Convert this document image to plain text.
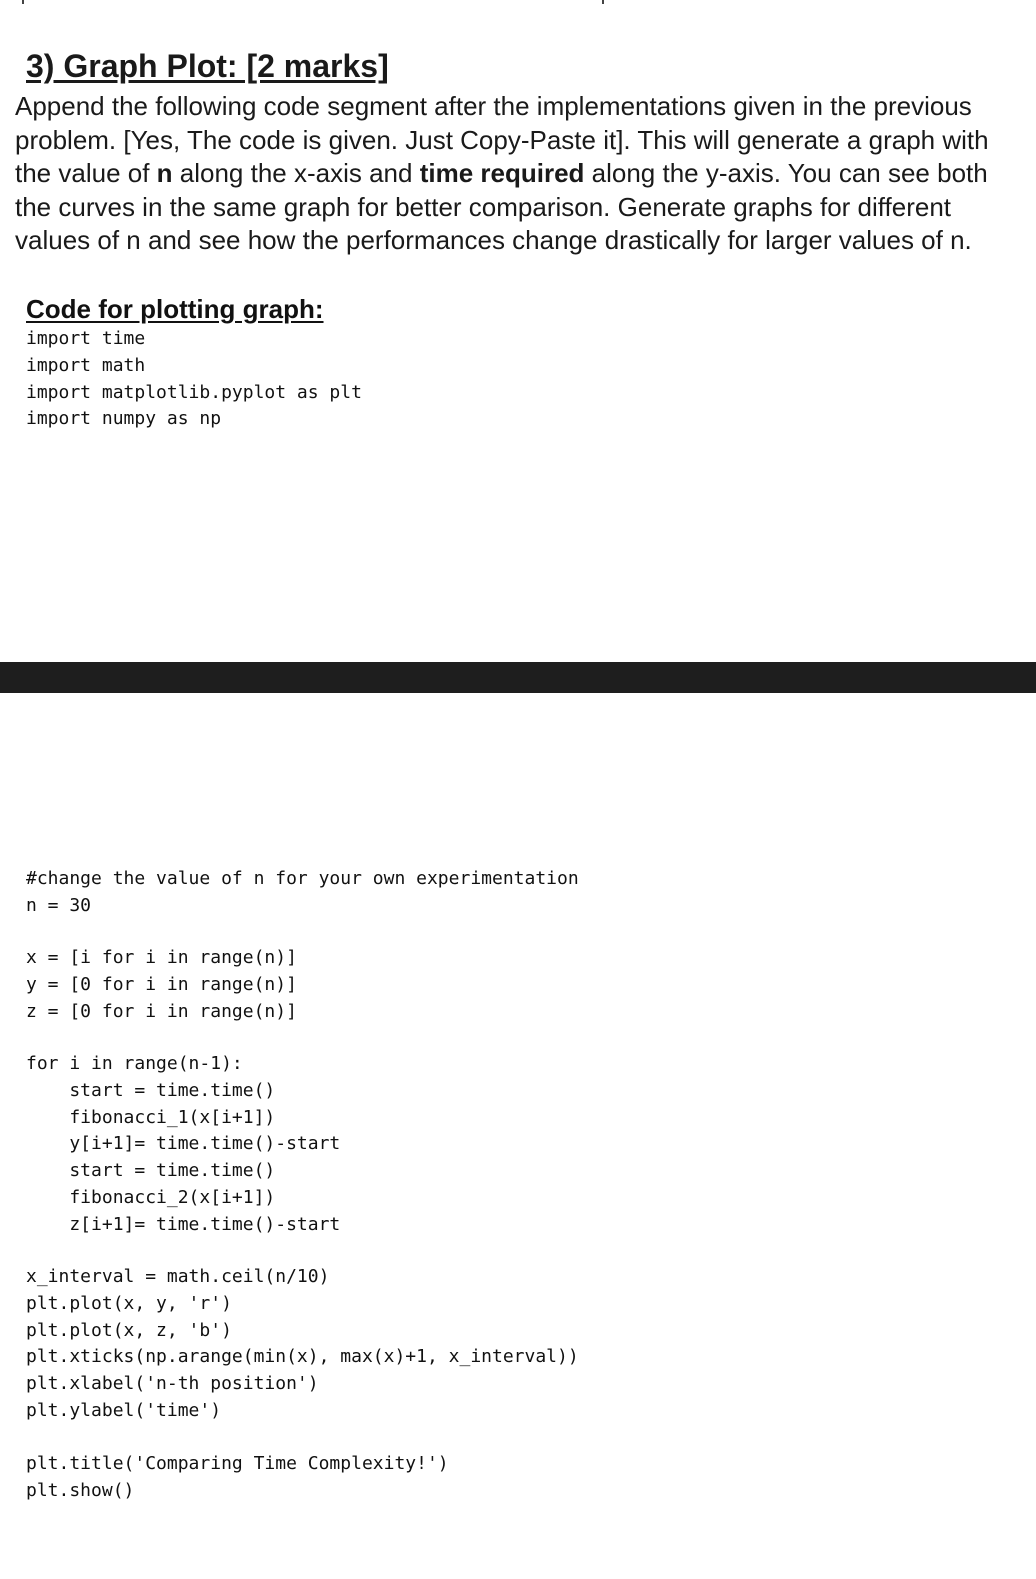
3) Graph Plot: [2 marks]

Append the following code segment after the implementations given in the previous problem. [Yes, The code is given. Just Copy-Paste it]. This will generate a graph with the value of n along the x-axis and time required along the y-axis. You can see both the curves in the same graph for better comparison. Generate graphs for different values of n and see how the performances change drastically for larger values of n.

Code for plotting graph:
import time
import math
import matplotlib.pyplot as plt
import numpy as np
#change the value of n for your own experimentation
n = 30
x = [i for i in range(n)]
y = [0 for i in range(n)]
z = [0 for i in range(n)]
for i in range(n-1):
start = time.time()
fibonacci_1(x[i+1])
y[i+1]= time.time()-start
start = time.time()
fibonacci_2(x[i+1])
z[i+1]= time.time()-start
x_interval = math.ceil(n/10)
plt.plot(x, y, 'r')
plt.plot(x, z, 'b')
plt.xticks(np.arange(min(x), max(x)+1, x_interval))
plt.xlabel('n-th position')
plt.ylabel('time')
plt.title('Comparing Time Complexity!')
plt.show()
